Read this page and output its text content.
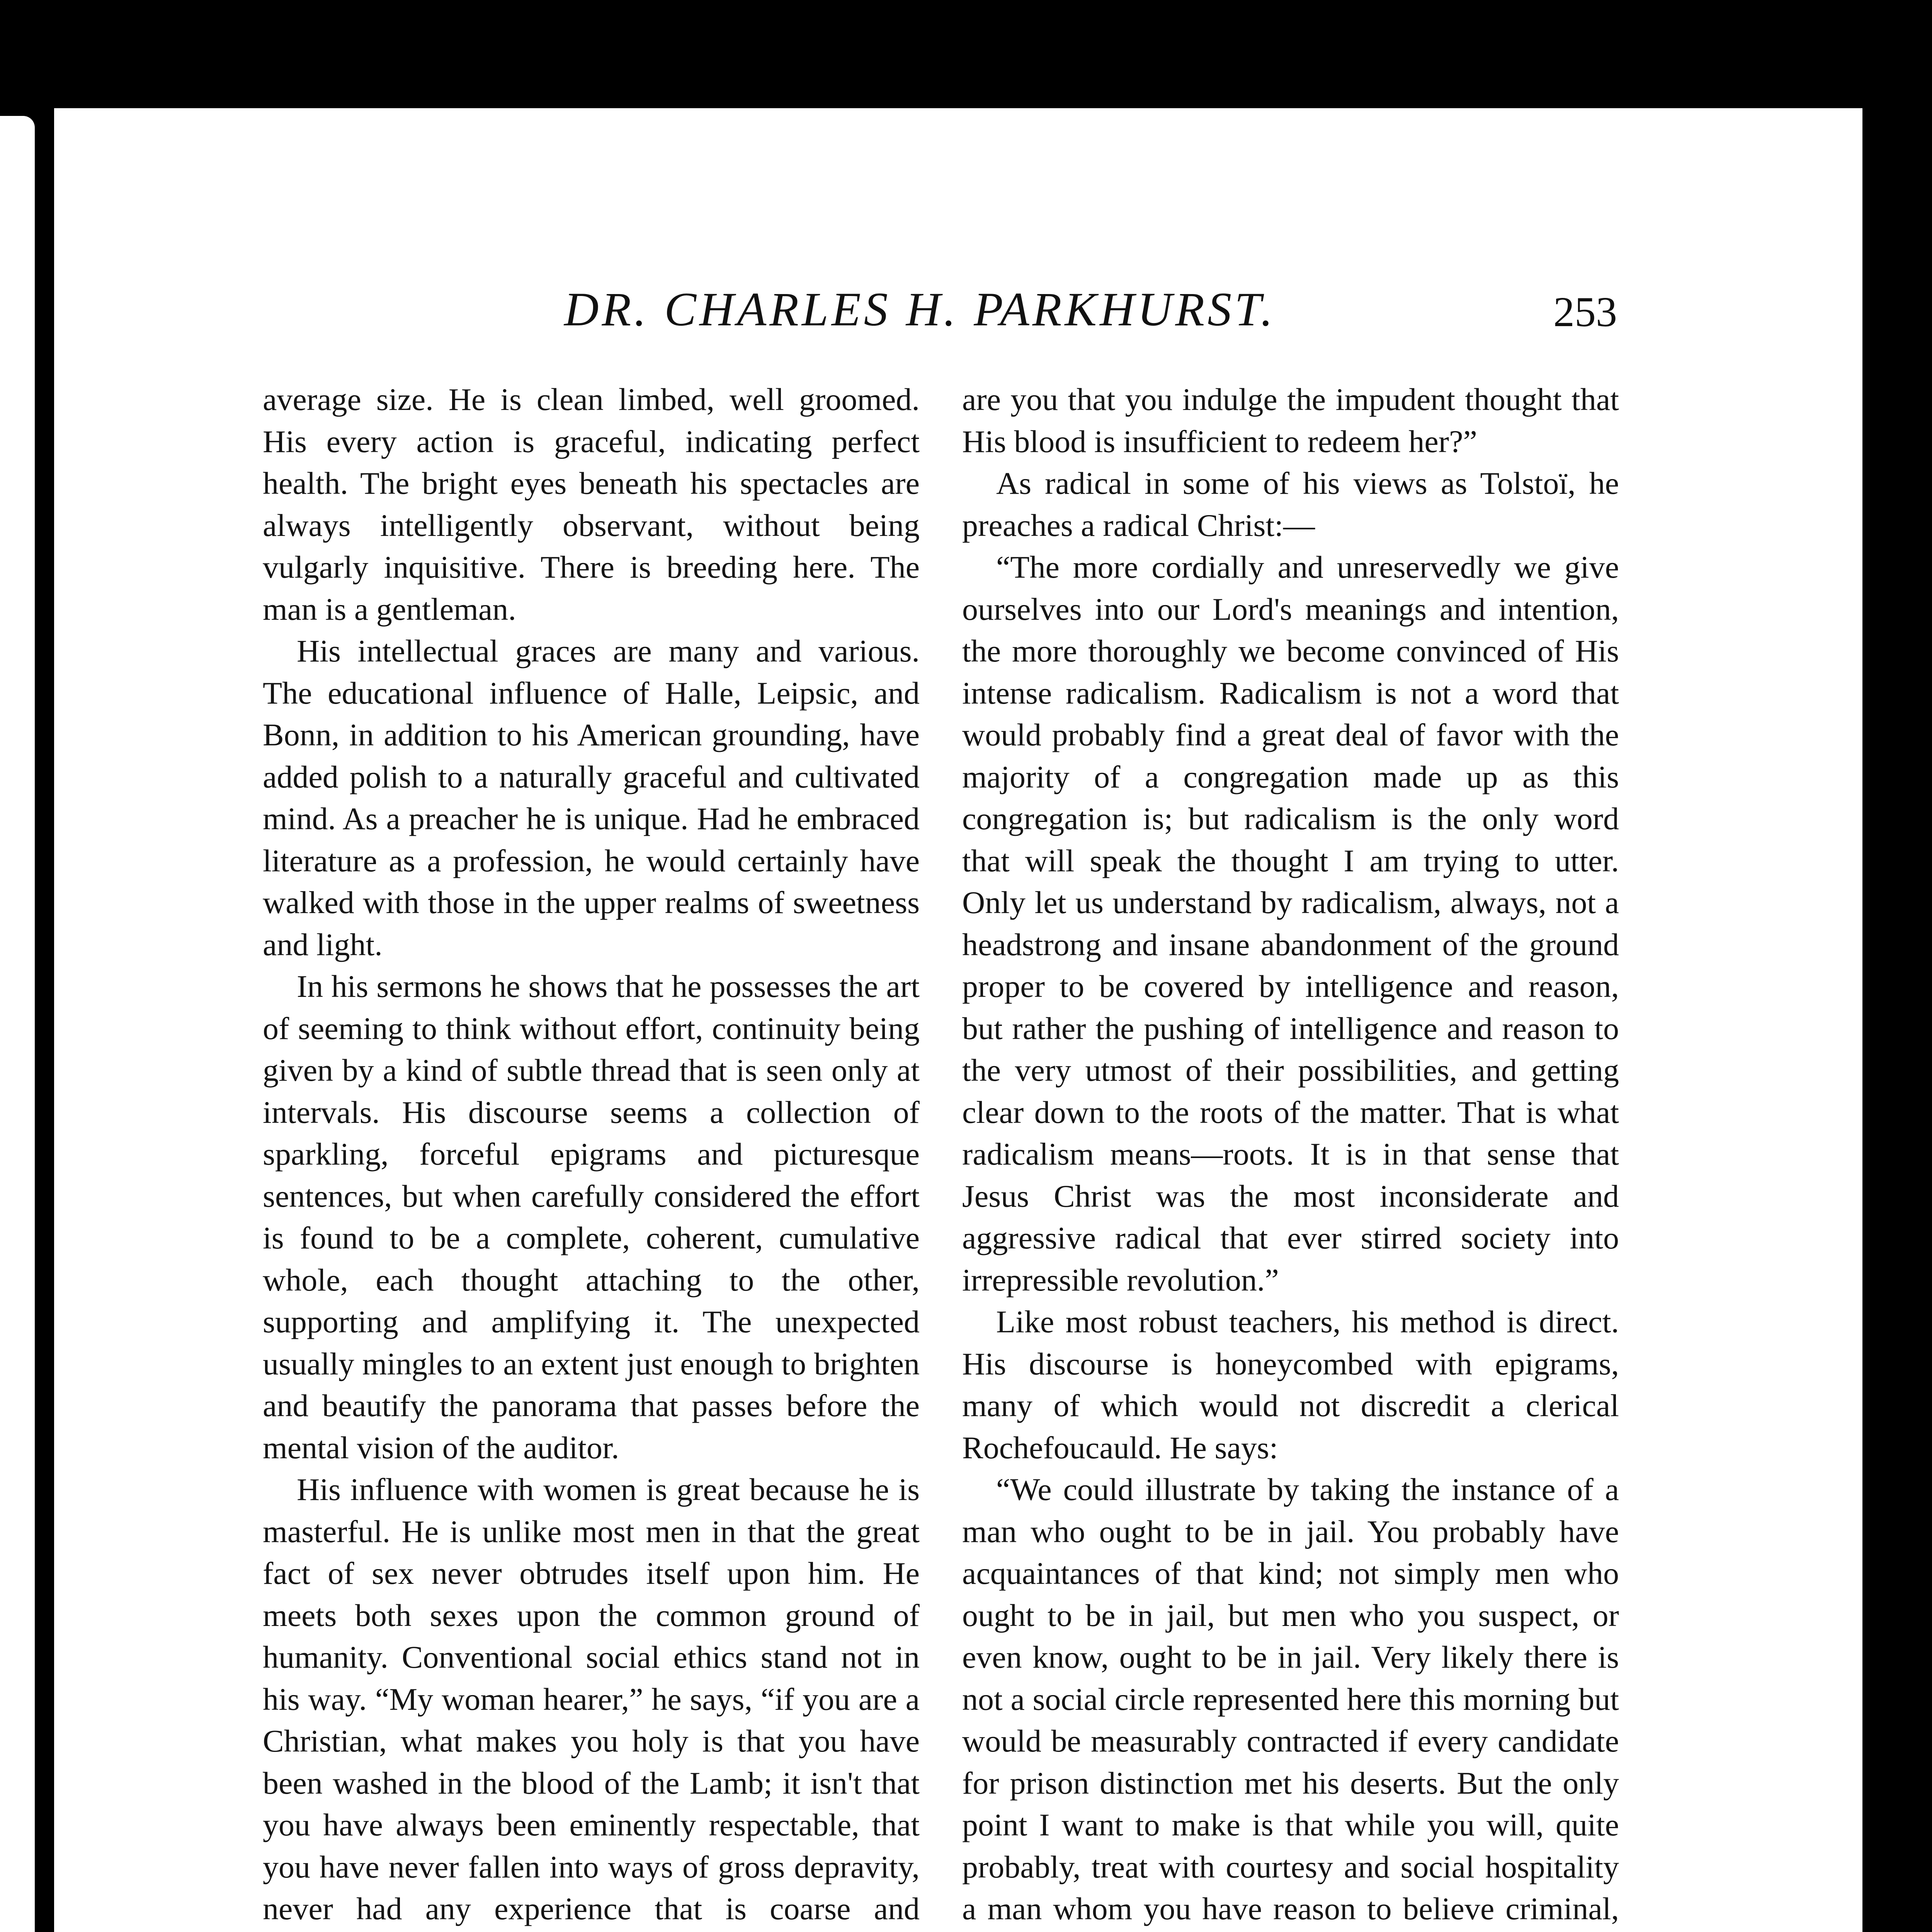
DR. CHARLES H. PARKHURST.	253

average size. He is clean limbed, well groomed. His every action is graceful, indicating perfect health. The bright eyes beneath his spectacles are always intelligently observant, without being vulgarly inquisitive. There is breeding here. The man is a gentleman.

His intellectual graces are many and various. The educational influence of Halle, Leipsic, and Bonn, in addition to his American grounding, have added polish to a naturally graceful and cultivated mind. As a preacher he is unique. Had he embraced literature as a profession, he would certainly have walked with those in the upper realms of sweetness and light.

In his sermons he shows that he possesses the art of seeming to think without effort, continuity being given by a kind of subtle thread that is seen only at intervals. His discourse seems a collection of sparkling, forceful epigrams and picturesque sentences, but when carefully considered the effort is found to be a complete, coherent, cumulative whole, each thought attaching to the other, supporting and amplifying it. The unexpected usually mingles to an extent just enough to brighten and beautify the panorama that passes before the mental vision of the auditor.

His influence with women is great because he is masterful. He is unlike most men in that the great fact of sex never obtrudes itself upon him. He meets both sexes upon the common ground of humanity. Conventional social ethics stand not in his way. “My woman hearer,” he says, “if you are a Christian, what makes you holy is that you have been washed in the blood of the Lamb; it isn't that you have always been eminently respectable, that you have never fallen into ways of gross depravity, never had any experience that is coarse and

are you that you indulge the impudent thought that His blood is insufficient to redeem her?”

As radical in some of his views as Tolstoï, he preaches a radical Christ:—

“The more cordially and unreservedly we give ourselves into our Lord's meanings and intention, the more thoroughly we become convinced of His intense radicalism. Radicalism is not a word that would probably find a great deal of favor with the majority of a congregation made up as this congregation is; but radicalism is the only word that will speak the thought I am trying to utter. Only let us understand by radicalism, always, not a headstrong and insane abandonment of the ground proper to be covered by intelligence and reason, but rather the pushing of intelligence and reason to the very utmost of their possibilities, and getting clear down to the roots of the matter. That is what radicalism means—roots. It is in that sense that Jesus Christ was the most inconsiderate and aggressive radical that ever stirred society into irrepressible revolution.”

Like most robust teachers, his method is direct. His discourse is honeycombed with epigrams, many of which would not discredit a clerical Rochefoucauld. He says:

“We could illustrate by taking the instance of a man who ought to be in jail. You probably have acquaintances of that kind; not simply men who ought to be in jail, but men who you suspect, or even know, ought to be in jail. Very likely there is not a social circle represented here this morning but would be measurably contracted if every candidate for prison distinction met his deserts. But the only point I want to make is that while you will, quite probably, treat with courtesy and social hospitality a man whom you have reason to believe criminal,
